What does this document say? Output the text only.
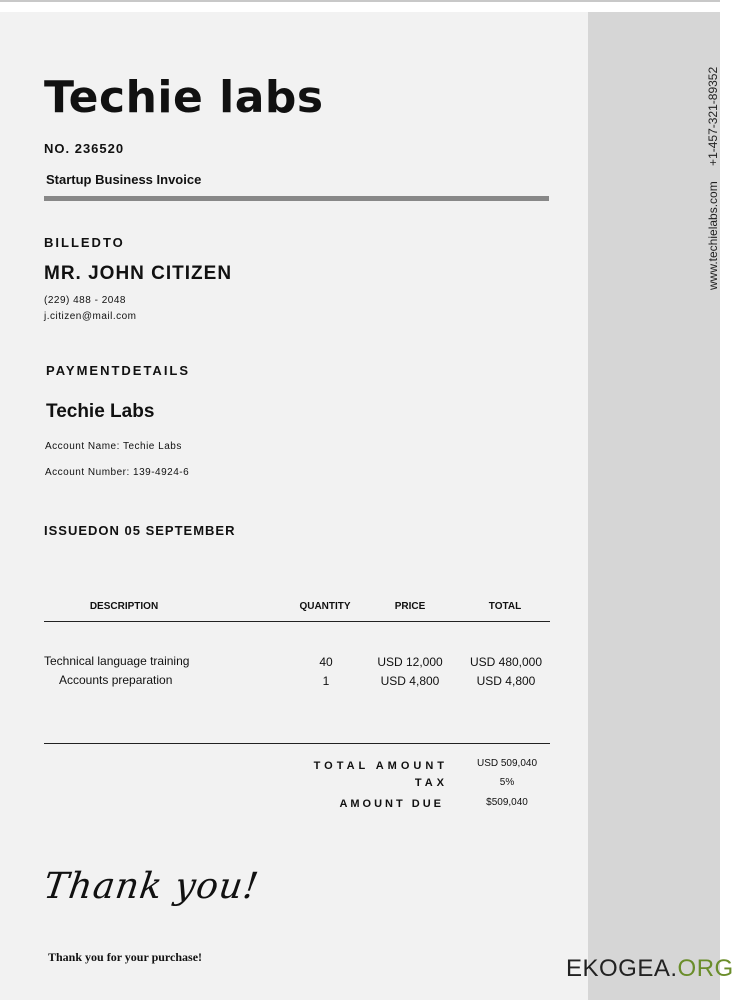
www.techielabs.com +1-457-321-89352
Techie labs
NO. 236520
Startup Business Invoice
BILLEDTO
MR. JOHN CITIZEN
(229) 488 - 2048
j.citizen@mail.com
PAYMENTDETAILS
Techie Labs
Account Name: Techie Labs
Account Number: 139-4924-6
ISSUEDON 05 SEPTEMBER
DESCRIPTION	QUANTITY	PRICE	TOTAL
Technical language training	40	USD 12,000	USD 480,000
Accounts preparation	1	USD 4,800	USD 4,800
TOTAL AMOUNT	USD 509,040
TAX	5%
AMOUNT DUE	$509,040
Thank you!
Thank you for your purchase!	EKOGEA.ORG
